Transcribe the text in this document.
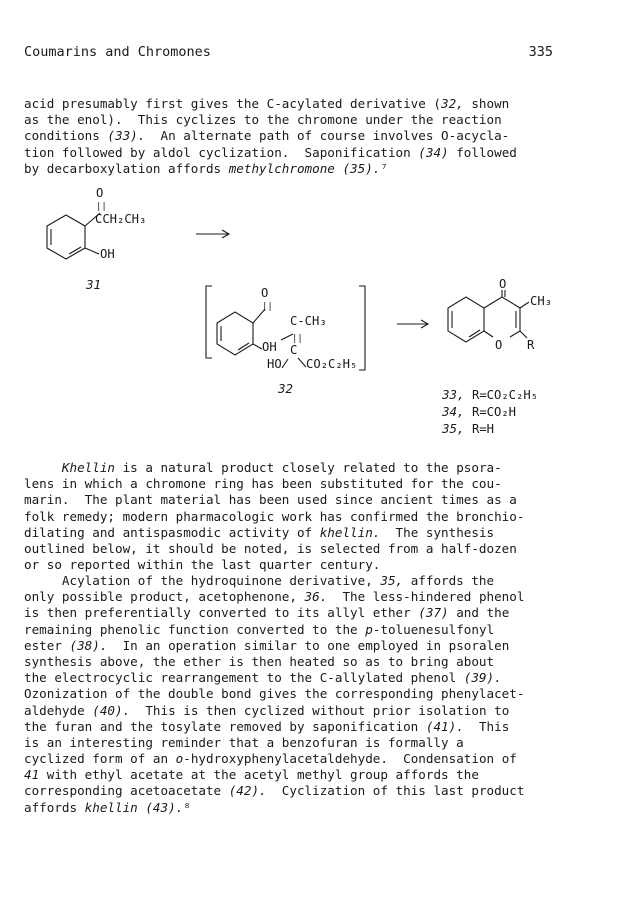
Coumarins and Chromones	335
acid presumably first gives the C-acylated derivative (32, shown
as the enol).  This cyclizes to the chromone under the reaction
conditions (33).  An alternate path of course involves O-acycla-
tion followed by aldol cyclization.  Saponification (34) followed
by decarboxylation affords methylchromone (35).⁷
Khellin is a natural product closely related to the psora-
lens in which a chromone ring has been substituted for the cou-
marin.  The plant material has been used since ancient times as a
folk remedy; modern pharmacologic work has confirmed the bronchio-
dilating and antispasmodic activity of khellin.  The synthesis
outlined below, it should be noted, is selected from a half-dozen
or so reported within the last quarter century.
Acylation of the hydroquinone derivative, 35, affords the
only possible product, acetophenone, 36.  The less-hindered phenol
is then preferentially converted to its allyl ether (37) and the
remaining phenolic function converted to the p-toluenesulfonyl
ester (38).  In an operation similar to one employed in psoralen
synthesis above, the ether is then heated so as to bring about
the electrocyclic rearrangement to the C-allylated phenol (39).
Ozonization of the double bond gives the corresponding phenylacet-
aldehyde (40).  This is then cyclized without prior isolation to
the furan and the tosylate removed by saponification (41).  This
is an interesting reminder that a benzofuran is formally a
cyclized form of an o-hydroxyphenylacetaldehyde.  Condensation of
41 with ethyl acetate at the acetyl methyl group affords the
corresponding acetoacetate (42).  Cyclization of this last product
affords khellin (43).⁸
O
||
CCH₂CH₃
OH
31
O
||
C-CH₃
||
OH C
HO CO₂C₂H₅
32
O
CH₃
O R
33, R=CO₂C₂H₅
34, R=CO₂H
35, R=H
